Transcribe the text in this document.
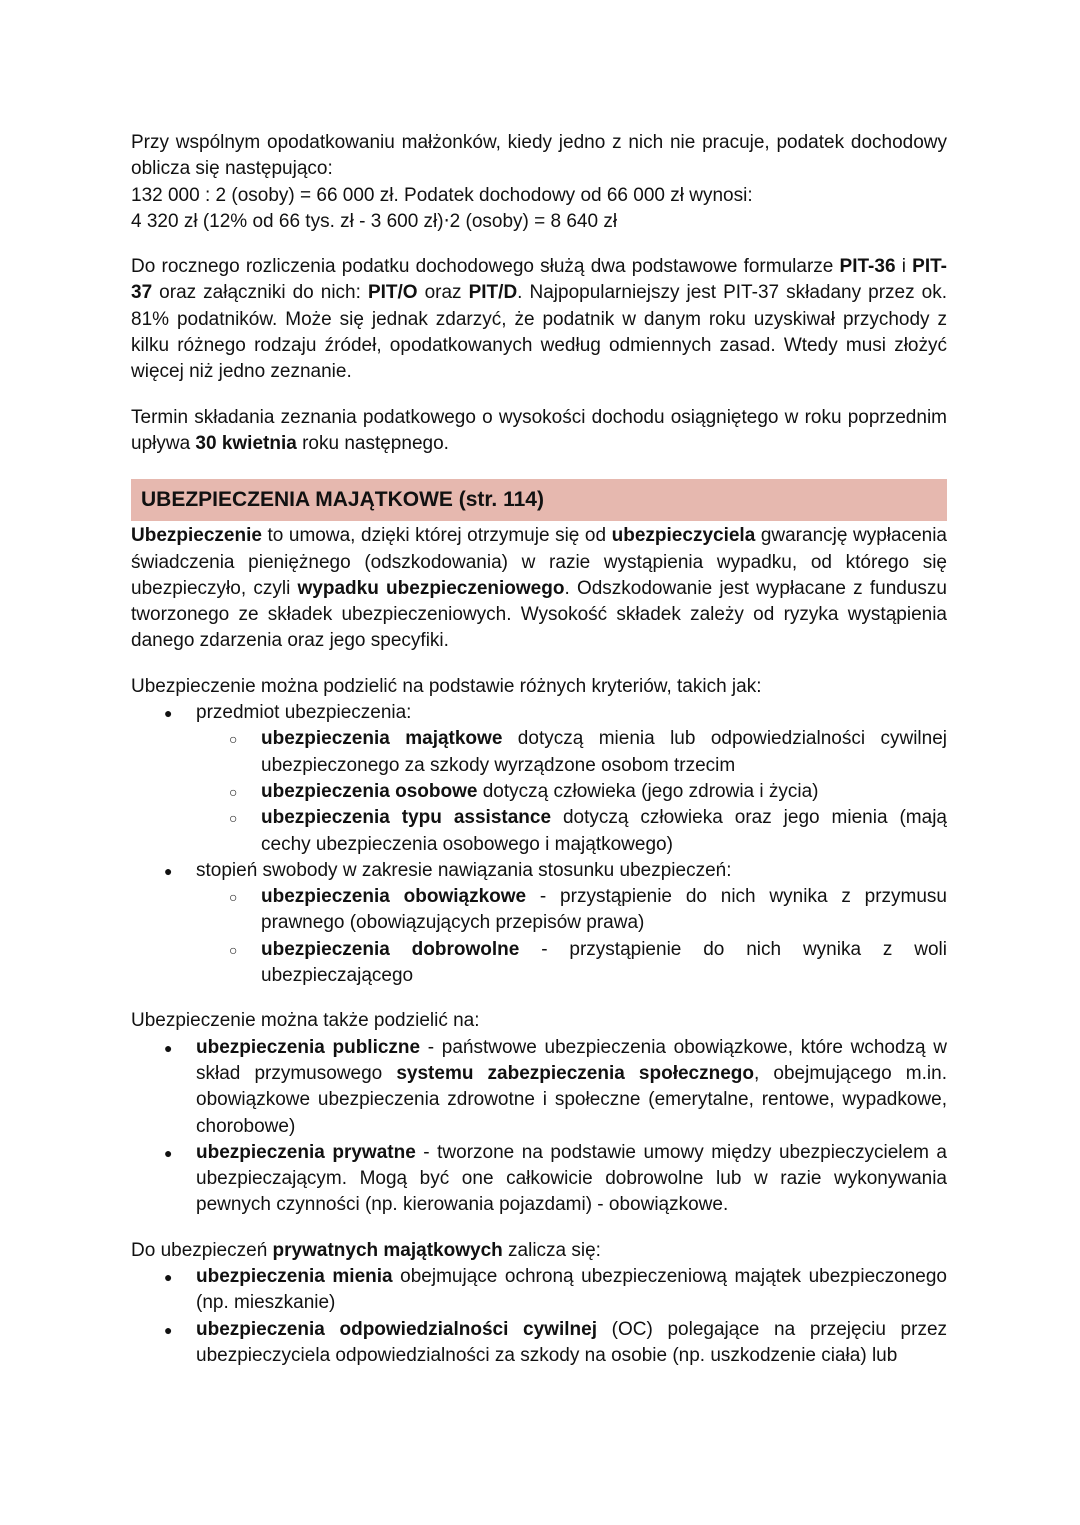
Przy wspólnym opodatkowaniu małżonków, kiedy jedno z nich nie pracuje, podatek dochodowy oblicza się następująco:
132 000 : 2 (osoby) = 66 000 zł. Podatek dochodowy od 66 000 zł wynosi:
4 320 zł (12% od 66 tys. zł - 3 600 zł)⋅2 (osoby) = 8 640 zł

Do rocznego rozliczenia podatku dochodowego służą dwa podstawowe formularze PIT-36 i PIT-37 oraz załączniki do nich: PIT/O oraz PIT/D. Najpopularniejszy jest PIT-37 składany przez ok. 81% podatników. Może się jednak zdarzyć, że podatnik w danym roku uzyskiwał przychody z kilku różnego rodzaju źródeł, opodatkowanych według odmiennych zasad. Wtedy musi złożyć więcej niż jedno zeznanie.

Termin składania zeznania podatkowego o wysokości dochodu osiągniętego w roku poprzednim upływa 30 kwietnia roku następnego.

UBEZPIECZENIA MAJĄTKOWE (str. 114)

Ubezpieczenie to umowa, dzięki której otrzymuje się od ubezpieczyciela gwarancję wypłacenia świadczenia pieniężnego (odszkodowania) w razie wystąpienia wypadku, od którego się ubezpieczyło, czyli wypadku ubezpieczeniowego. Odszkodowanie jest wypłacane z funduszu tworzonego ze składek ubezpieczeniowych. Wysokość składek zależy od ryzyka wystąpienia danego zdarzenia oraz jego specyfiki.

Ubezpieczenie można podzielić na podstawie różnych kryteriów, takich jak:

● przedmiot ubezpieczenia:
○ ubezpieczenia majątkowe dotyczą mienia lub odpowiedzialności cywilnej ubezpieczonego za szkody wyrządzone osobom trzecim
○ ubezpieczenia osobowe dotyczą człowieka (jego zdrowia i życia)
○ ubezpieczenia typu assistance dotyczą człowieka oraz jego mienia (mają cechy ubezpieczenia osobowego i majątkowego)
● stopień swobody w zakresie nawiązania stosunku ubezpieczeń:
○ ubezpieczenia obowiązkowe - przystąpienie do nich wynika z przymusu prawnego (obowiązujących przepisów prawa)
○ ubezpieczenia dobrowolne - przystąpienie do nich wynika z woli ubezpieczającego

Ubezpieczenie można także podzielić na:

● ubezpieczenia publiczne - państwowe ubezpieczenia obowiązkowe, które wchodzą w skład przymusowego systemu zabezpieczenia społecznego, obejmującego m.in. obowiązkowe ubezpieczenia zdrowotne i społeczne (emerytalne, rentowe, wypadkowe, chorobowe)
● ubezpieczenia prywatne - tworzone na podstawie umowy między ubezpieczycielem a ubezpieczającym. Mogą być one całkowicie dobrowolne lub w razie wykonywania pewnych czynności (np. kierowania pojazdami) - obowiązkowe.

Do ubezpieczeń prywatnych majątkowych zalicza się:

● ubezpieczenia mienia obejmujące ochroną ubezpieczeniową majątek ubezpieczonego (np. mieszkanie)
● ubezpieczenia odpowiedzialności cywilnej (OC) polegające na przejęciu przez ubezpieczyciela odpowiedzialności za szkody na osobie (np. uszkodzenie ciała) lub
